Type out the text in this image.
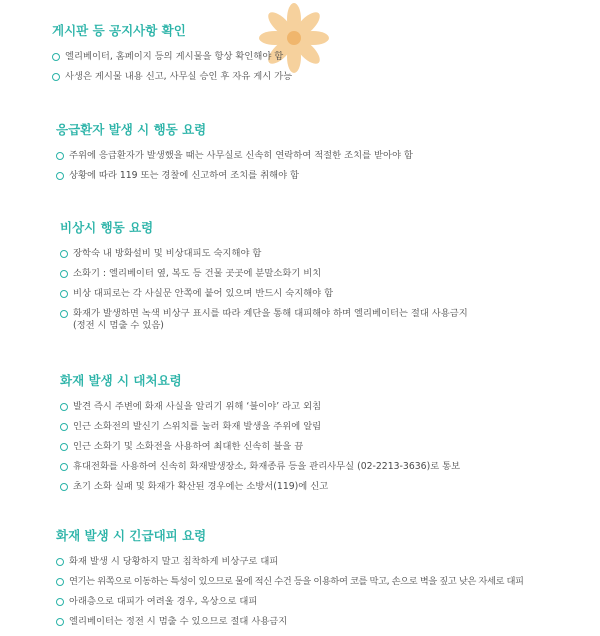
게시판 등 공지사항 확인
엘리베이터, 홈페이지 등의 게시물을 항상 확인해야 함
사생은 게시물 내용 신고, 사무실 승인 후 자유 게시 가능
응급환자 발생 시 행동 요령
주위에 응급환자가 발생했을 때는 사무실로 신속히 연락하여 적절한 조치를 받아야 함
상황에 따라 119 또는 경찰에 신고하여 조치를 취해야 함
비상시 행동 요령
장학숙 내 방화설비 및 비상대피도 숙지해야 함
소화기 : 엘리베이터 옆, 복도 등 건물 곳곳에 분말소화기 비치
비상 대피로는 각 사실문 안쪽에 붙어 있으며 반드시 숙지해야 함
화재가 발생하면 녹색 비상구 표시를 따라 계단을 통해 대피해야 하며 엘리베이터는 절대 사용금지
(정전 시 멈출 수 있음)
화재 발생 시 대처요령
발견 즉시 주변에 화재 사실을 알리기 위해 ‘불이야’ 라고 외침
인근 소화전의 발신기 스위치를 눌러 화재 발생을 주위에 알림
인근 소화기 및 소화전을 사용하여 최대한 신속히 불을 끔
휴대전화를 사용하여 신속히 화재발생장소, 화재종류 등을 관리사무실 (02-2213-3636)로 통보
초기 소화 실패 및 화재가 확산된 경우에는 소방서(119)에 신고
화재 발생 시 긴급대피 요령
화재 발생 시 당황하지 말고 침착하게 비상구로 대피
연기는 위쪽으로 이동하는 특성이 있으므로 물에 적신 수건 등을 이용하여 코를 막고, 손으로 벽을 짚고 낮은 자세로 대피
아래층으로 대피가 여려울 경우, 옥상으로 대피
엘리베이터는 정전 시 멈출 수 있으므로 절대 사용금지
